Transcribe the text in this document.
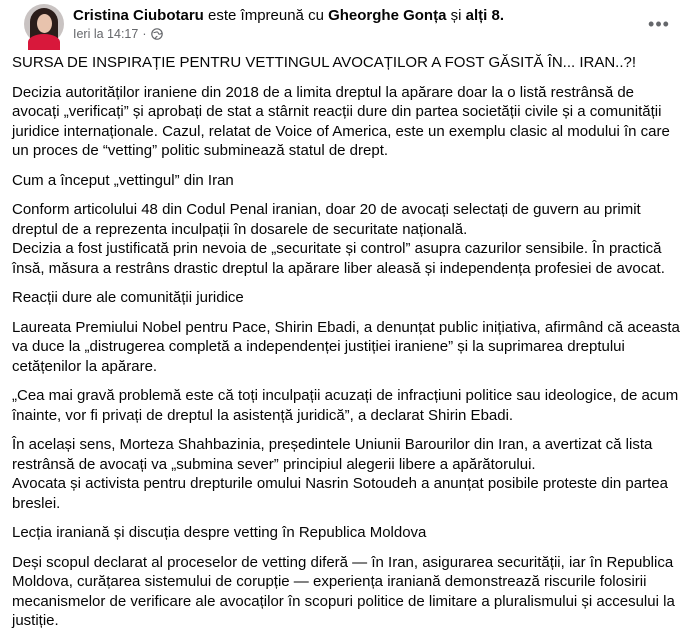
Cristina Ciubotaru este împreună cu Gheorghe Gonța și alți 8.
Ieri la 14:17 ·	•••

SURSA DE INSPIRAȚIE PENTRU VETTINGUL AVOCAȚILOR A FOST GĂSITĂ ÎN... IRAN..?!

Decizia autorităților iraniene din 2018 de a limita dreptul la apărare doar la o listă restrânsă de avocați „verificați” și aprobați de stat a stârnit reacții dure din partea societății civile și a comunității juridice internaționale. Cazul, relatat de Voice of America, este un exemplu clasic al modului în care un proces de “vetting” politic subminează statul de drept.

Cum a început „vettingul” din Iran

Conform articolului 48 din Codul Penal iranian, doar 20 de avocați selectați de guvern au primit dreptul de a reprezenta inculpații în dosarele de securitate națională.
Decizia a fost justificată prin nevoia de „securitate și control” asupra cazurilor sensibile. În practică însă, măsura a restrâns drastic dreptul la apărare liber aleasă și independența profesiei de avocat.

Reacții dure ale comunității juridice

Laureata Premiului Nobel pentru Pace, Shirin Ebadi, a denunțat public inițiativa, afirmând că aceasta va duce la „distrugerea completă a independenței justiției iraniene” și la suprimarea dreptului cetățenilor la apărare.

„Cea mai gravă problemă este că toți inculpații acuzați de infracțiuni politice sau ideologice, de acum înainte, vor fi privați de dreptul la asistență juridică”, a declarat Shirin Ebadi.

În același sens, Morteza Shahbazinia, președintele Uniunii Barourilor din Iran, a avertizat că lista restrânsă de avocați va „submina sever” principiul alegerii libere a apărătorului.
Avocata și activista pentru drepturile omului Nasrin Sotoudeh a anunțat posibile proteste din partea breslei.

Lecția iraniană și discuția despre vetting în Republica Moldova

Deși scopul declarat al proceselor de vetting diferă — în Iran, asigurarea securității, iar în Republica Moldova, curățarea sistemului de corupție — experiența iraniană demonstrează riscurile folosirii mecanismelor de verificare ale avocaților în scopuri politice de limitare a pluralismului și accesului la justiție.
